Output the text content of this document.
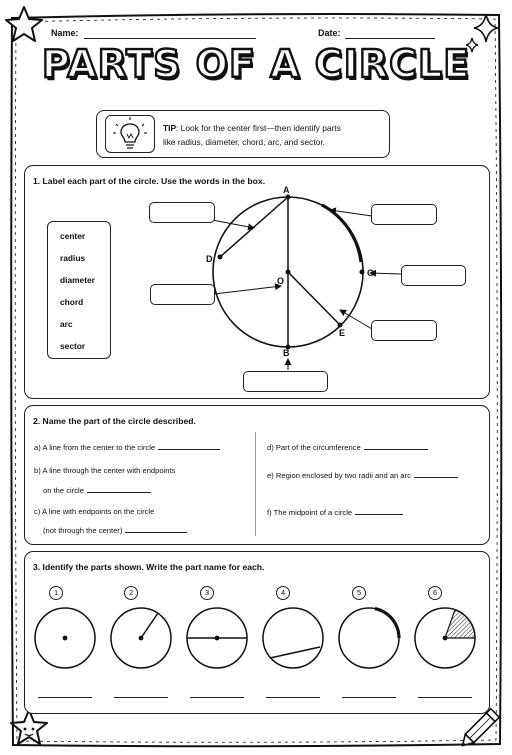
Name:	Date:
PARTS OF A CIRCLE
TIP: Look for the center first—then identify parts
like radius, diameter, chord, arc, and sector.
1. Label each part of the circle. Use the words in the box.
center
radius
diameter
chord
arc
sector
A
B
C
D
E
O
2. Name the part of the circle described.
a) A line from the center to the circle
b) A line through the center with endpoints
on the circle
c) A line with endpoints on the circle
(not through the center)
d) Part of the circumference
e) Region enclosed by two radii and an arc
f) The midpoint of a circle
3. Identify the parts shown. Write the part name for each.
1	2	3	4	5	6
